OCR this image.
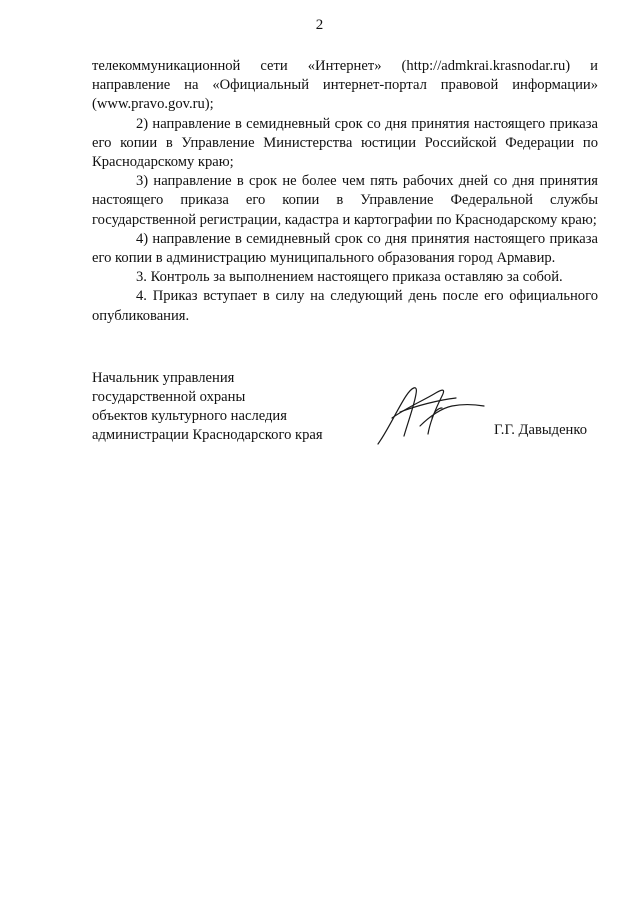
2

телекоммуникационной сети «Интернет» (http://admkrai.krasnodar.ru) и направление на «Официальный интернет-портал правовой информации» (www.pravo.gov.ru);

2) направление в семидневный срок со дня принятия настоящего приказа его копии в Управление Министерства юстиции Российской Федерации по Краснодарскому краю;

3) направление в срок не более чем пять рабочих дней со дня принятия настоящего приказа его копии в Управление Федеральной службы государственной регистрации, кадастра и картографии по Краснодарскому краю;

4) направление в семидневный срок со дня принятия настоящего приказа его копии в администрацию муниципального образования город Армавир.

3. Контроль за выполнением настоящего приказа оставляю за собой.

4. Приказ вступает в силу на следующий день после его официального опубликования.

Начальник управления
государственной охраны
объектов культурного наследия
администрации Краснодарского края	Г.Г. Давыденко
